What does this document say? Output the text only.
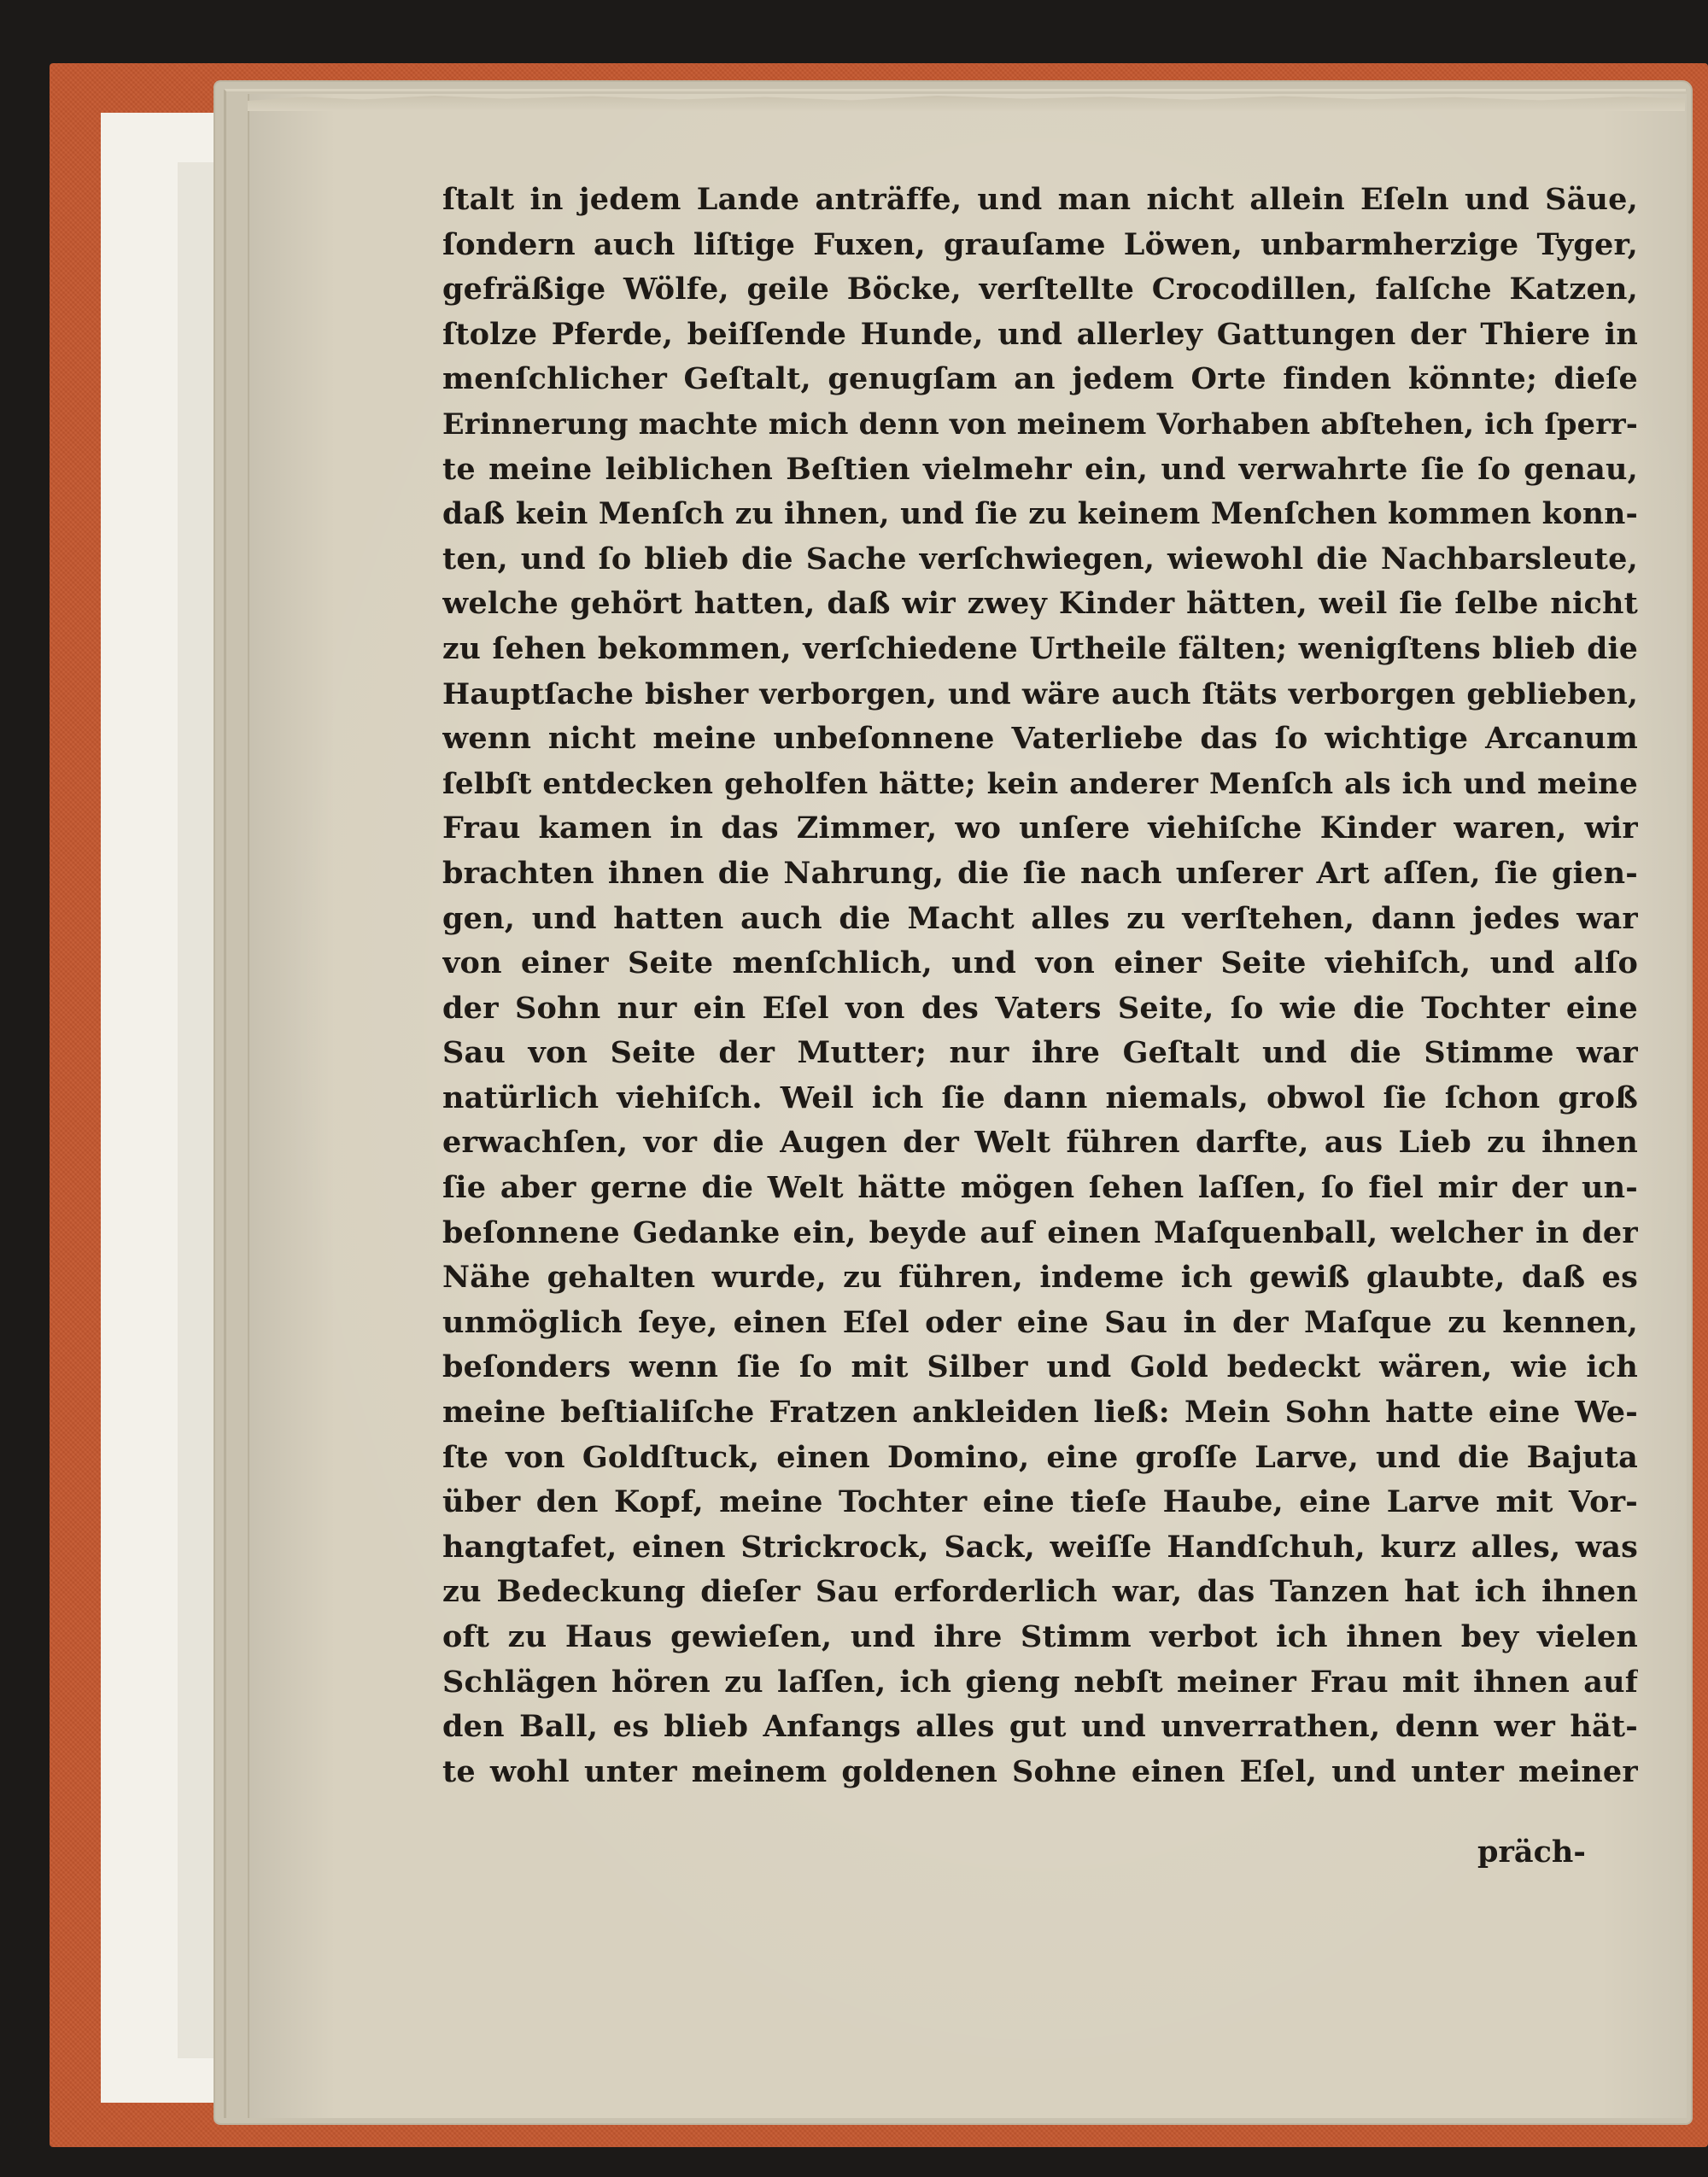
ſtalt in jedem Lande anträffe, und man nicht allein Eſeln und Säue,
ſondern auch liſtige Fuxen, grauſame Löwen, unbarmherzige Tyger,
gefräßige Wölfe, geile Böcke, verſtellte Crocodillen, falſche Katzen,
ſtolze Pferde, beiſſende Hunde, und allerley Gattungen der Thiere in
menſchlicher Geſtalt, genugſam an jedem Orte finden könnte; dieſe
Erinnerung machte mich denn von meinem Vorhaben abſtehen, ich ſperr-
te meine leiblichen Beſtien vielmehr ein, und verwahrte ſie ſo genau,
daß kein Menſch zu ihnen, und ſie zu keinem Menſchen kommen konn-
ten, und ſo blieb die Sache verſchwiegen, wiewohl die Nachbarsleute,
welche gehört hatten, daß wir zwey Kinder hätten, weil ſie ſelbe nicht
zu ſehen bekommen, verſchiedene Urtheile fälten; wenigſtens blieb die
Hauptſache bisher verborgen, und wäre auch ſtäts verborgen geblieben,
wenn nicht meine unbeſonnene Vaterliebe das ſo wichtige Arcanum
ſelbſt entdecken geholfen hätte; kein anderer Menſch als ich und meine
Frau kamen in das Zimmer, wo unſere viehiſche Kinder waren, wir
brachten ihnen die Nahrung, die ſie nach unſerer Art aſſen, ſie gien-
gen, und hatten auch die Macht alles zu verſtehen, dann jedes war
von einer Seite menſchlich, und von einer Seite viehiſch, und alſo
der Sohn nur ein Eſel von des Vaters Seite, ſo wie die Tochter eine
Sau von Seite der Mutter; nur ihre Geſtalt und die Stimme war
natürlich viehiſch. Weil ich ſie dann niemals, obwol ſie ſchon groß
erwachſen, vor die Augen der Welt führen darfte, aus Lieb zu ihnen
ſie aber gerne die Welt hätte mögen ſehen laſſen, ſo fiel mir der un-
beſonnene Gedanke ein, beyde auf einen Maſquenball, welcher in der
Nähe gehalten wurde, zu führen, indeme ich gewiß glaubte, daß es
unmöglich ſeye, einen Eſel oder eine Sau in der Maſque zu kennen,
beſonders wenn ſie ſo mit Silber und Gold bedeckt wären, wie ich
meine beſtialiſche Fratzen ankleiden ließ: Mein Sohn hatte eine We-
ſte von Goldſtuck, einen Domino, eine groſſe Larve, und die Bajuta
über den Kopf, meine Tochter eine tieſe Haube, eine Larve mit Vor-
hangtafet, einen Strickrock, Sack, weiſſe Handſchuh, kurz alles, was
zu Bedeckung dieſer Sau erforderlich war, das Tanzen hat ich ihnen
oft zu Haus gewieſen, und ihre Stimm verbot ich ihnen bey vielen
Schlägen hören zu laſſen, ich gieng nebſt meiner Frau mit ihnen auf
den Ball, es blieb Anfangs alles gut und unverrathen, denn wer hät-
te wohl unter meinem goldenen Sohne einen Eſel, und unter meiner
präch-
